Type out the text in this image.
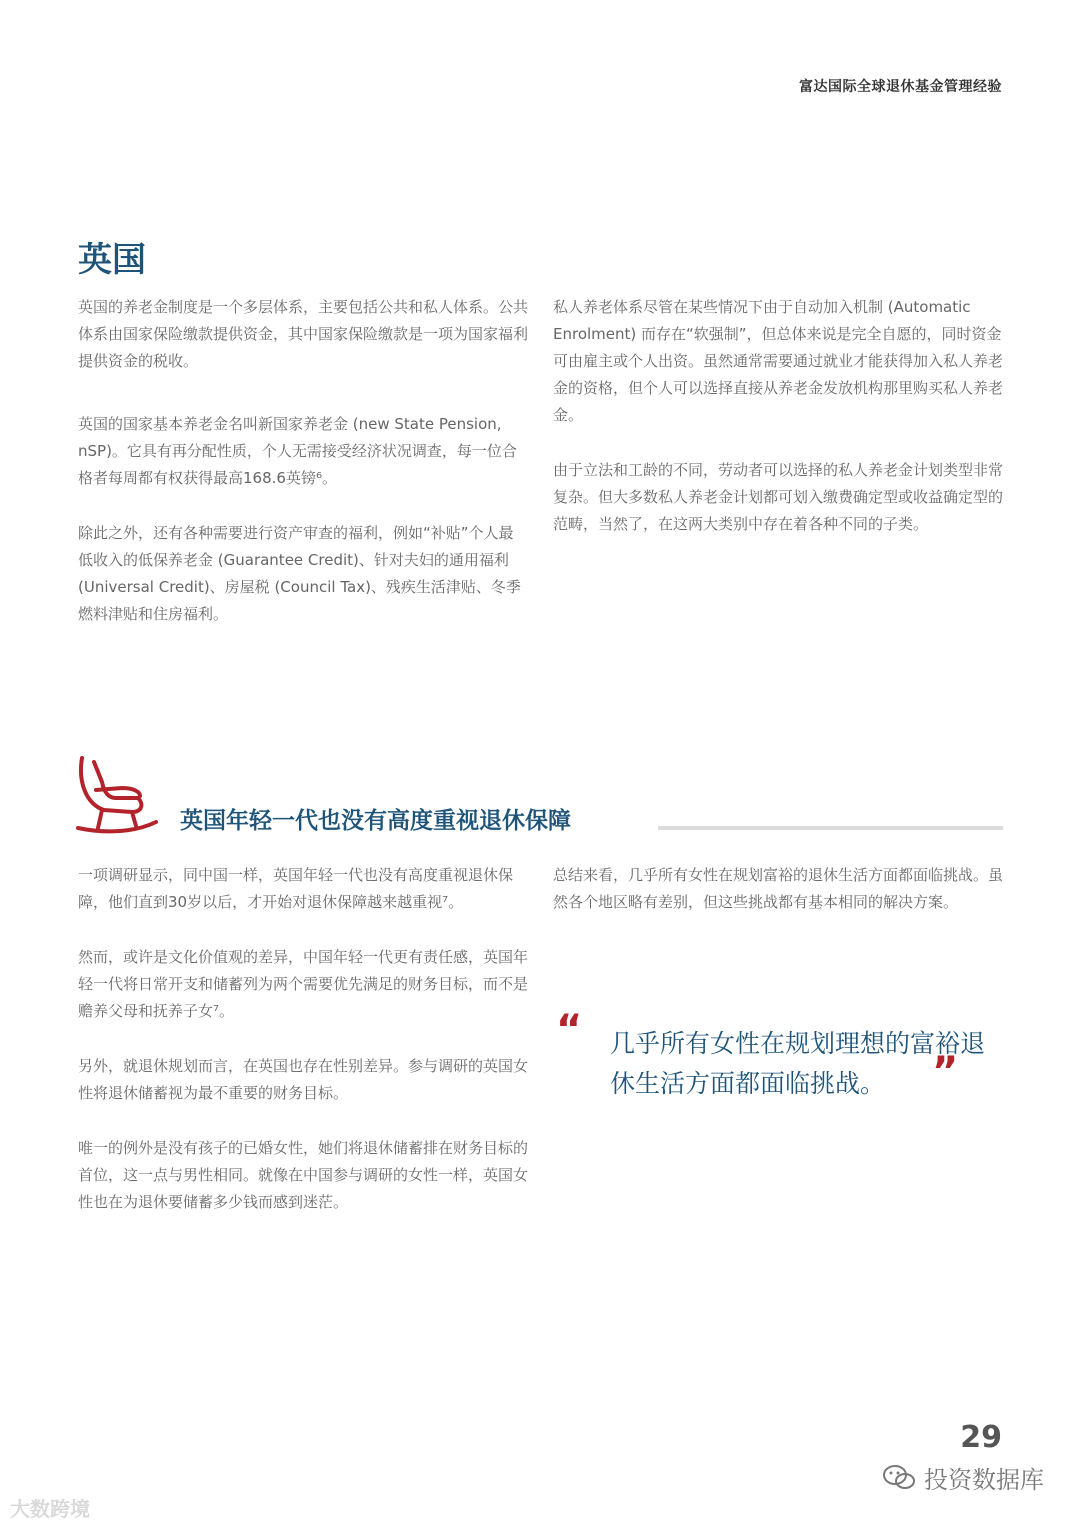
富达国际全球退休基金管理经验
英国

英国的养老金制度是一个多层体系，主要包括公共和私人体系。公共体系由国家保险缴款提供资金，其中国家保险缴款是一项为国家福利提供资金的税收。

英国的国家基本养老金名叫新国家养老金 (new State Pension, nSP)。它具有再分配性质，个人无需接受经济状况调查，每一位合格者每周都有权获得最高168.6英镑⁶。

除此之外，还有各种需要进行资产审查的福利，例如“补贴”个人最低收入的低保养老金 (Guarantee Credit)、针对夫妇的通用福利 (Universal Credit)、房屋税 (Council Tax)、残疾生活津贴、冬季燃料津贴和住房福利。

私人养老体系尽管在某些情况下由于自动加入机制 (Automatic Enrolment) 而存在“软强制”，但总体来说是完全自愿的，同时资金可由雇主或个人出资。虽然通常需要通过就业才能获得加入私人养老金的资格，但个人可以选择直接从养老金发放机构那里购买私人养老金。

由于立法和工龄的不同，劳动者可以选择的私人养老金计划类型非常复杂。但大多数私人养老金计划都可划入缴费确定型或收益确定型的范畴，当然了，在这两大类别中存在着各种不同的子类。

英国年轻一代也没有高度重视退休保障

一项调研显示，同中国一样，英国年轻一代也没有高度重视退休保障，他们直到30岁以后，才开始对退休保障越来越重视⁷。

然而，或许是文化价值观的差异，中国年轻一代更有责任感，英国年轻一代将日常开支和储蓄列为两个需要优先满足的财务目标，而不是赡养父母和抚养子女⁷。

另外，就退休规划而言，在英国也存在性别差异。参与调研的英国女性将退休储蓄视为最不重要的财务目标。

唯一的例外是没有孩子的已婚女性，她们将退休储蓄排在财务目标的首位，这一点与男性相同。就像在中国参与调研的女性一样，英国女性也在为退休要储蓄多少钱而感到迷茫。

总结来看，几乎所有女性在规划富裕的退休生活方面都面临挑战。虽然各个地区略有差别，但这些挑战都有基本相同的解决方案。

“ 几乎所有女性在规划理想的富裕退休生活方面都面临挑战。	”
29
大数跨境
投资数据库
